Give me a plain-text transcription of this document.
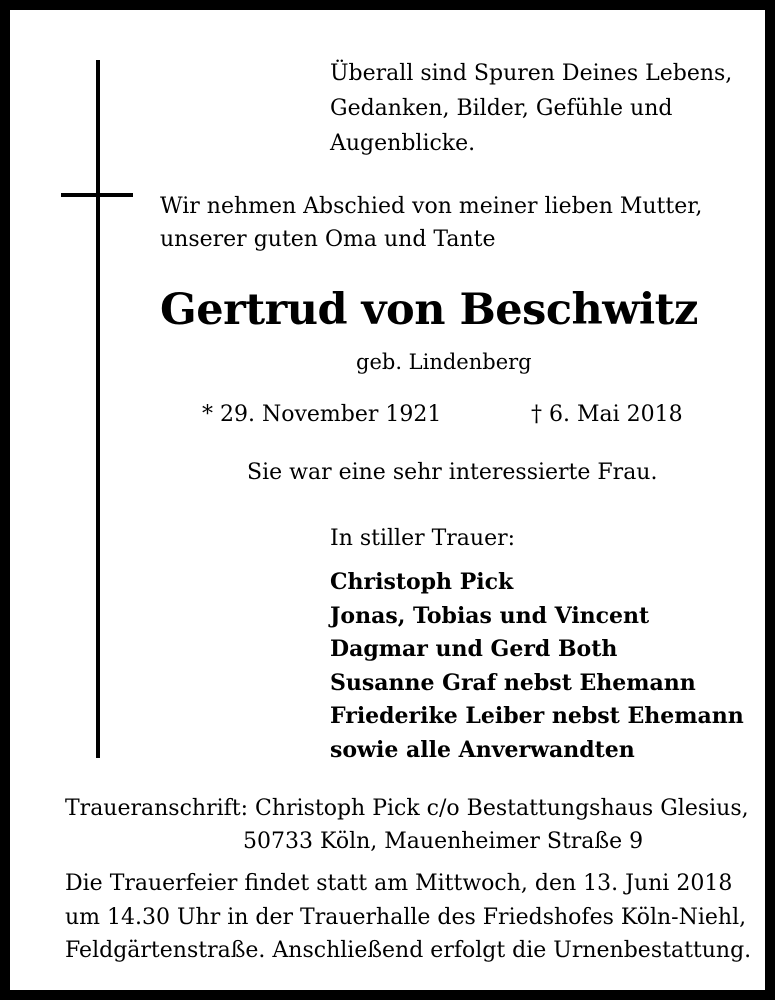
Überall sind Spuren Deines Lebens,
Gedanken, Bilder, Gefühle und
Augenblicke.
Wir nehmen Abschied von meiner lieben Mutter,
unserer guten Oma und Tante
Gertrud von Beschwitz
geb. Lindenberg
* 29. November 1921	† 6. Mai 2018
Sie war eine sehr interessierte Frau.
In stiller Trauer:
Christoph Pick
Jonas, Tobias und Vincent
Dagmar und Gerd Both
Susanne Graf nebst Ehemann
Friederike Leiber nebst Ehemann
sowie alle Anverwandten
Traueranschrift: Christoph Pick c/o Bestattungshaus Glesius,
50733 Köln, Mauenheimer Straße 9
Die Trauerfeier findet statt am Mittwoch, den 13. Juni 2018
um 14.30 Uhr in der Trauerhalle des Friedshofes Köln-Niehl,
Feldgärtenstraße. Anschließend erfolgt die Urnenbestattung.
